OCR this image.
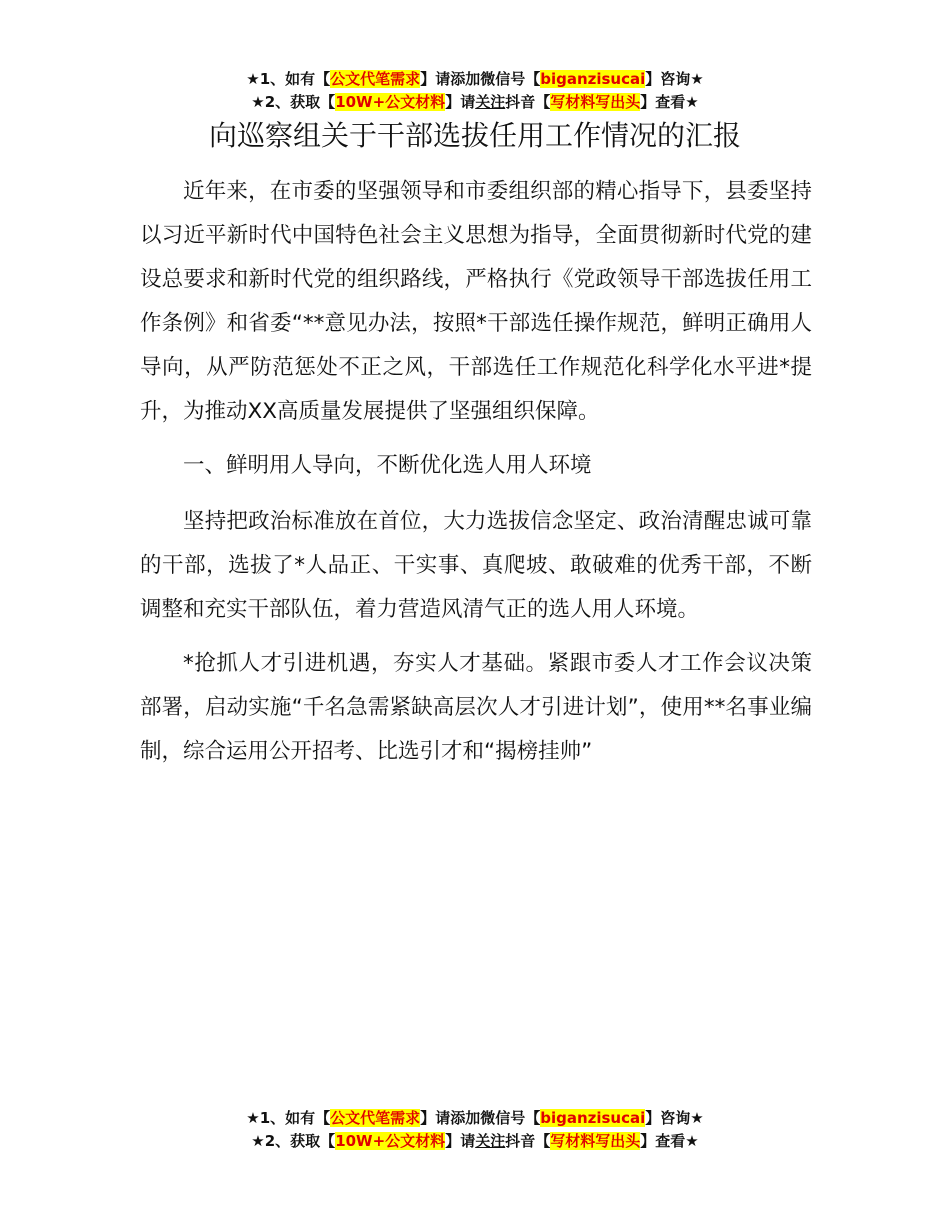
★1、如有【公文代笔需求】请添加微信号【biganzisucai】咨询★
★2、获取【10W+公文材料】请关注抖音【写材料写出头】查看★
向巡察组关于干部选拔任用工作情况的汇报

近年来，在市委的坚强领导和市委组织部的精心指导下，县委坚持以习近平新时代中国特色社会主义思想为指导，全面贯彻新时代党的建设总要求和新时代党的组织路线，严格执行《党政领导干部选拔任用工作条例》和省委“**意见办法，按照*干部选任操作规范，鲜明正确用人导向，从严防范惩处不正之风，干部选任工作规范化科学化水平进*提升，为推动XX高质量发展提供了坚强组织保障。

一、鲜明用人导向，不断优化选人用人环境

坚持把政治标准放在首位，大力选拔信念坚定、政治清醒忠诚可靠的干部，选拔了*人品正、干实事、真爬坡、敢破难的优秀干部，不断调整和充实干部队伍，着力营造风清气正的选人用人环境。

*抢抓人才引进机遇，夯实人才基础。紧跟市委人才工作会议决策部署，启动实施“千名急需紧缺高层次人才引进计划”，使用**名事业编制，综合运用公开招考、比选引才和“揭榜挂帅”

★1、如有【公文代笔需求】请添加微信号【biganzisucai】咨询★
★2、获取【10W+公文材料】请关注抖音【写材料写出头】查看★
